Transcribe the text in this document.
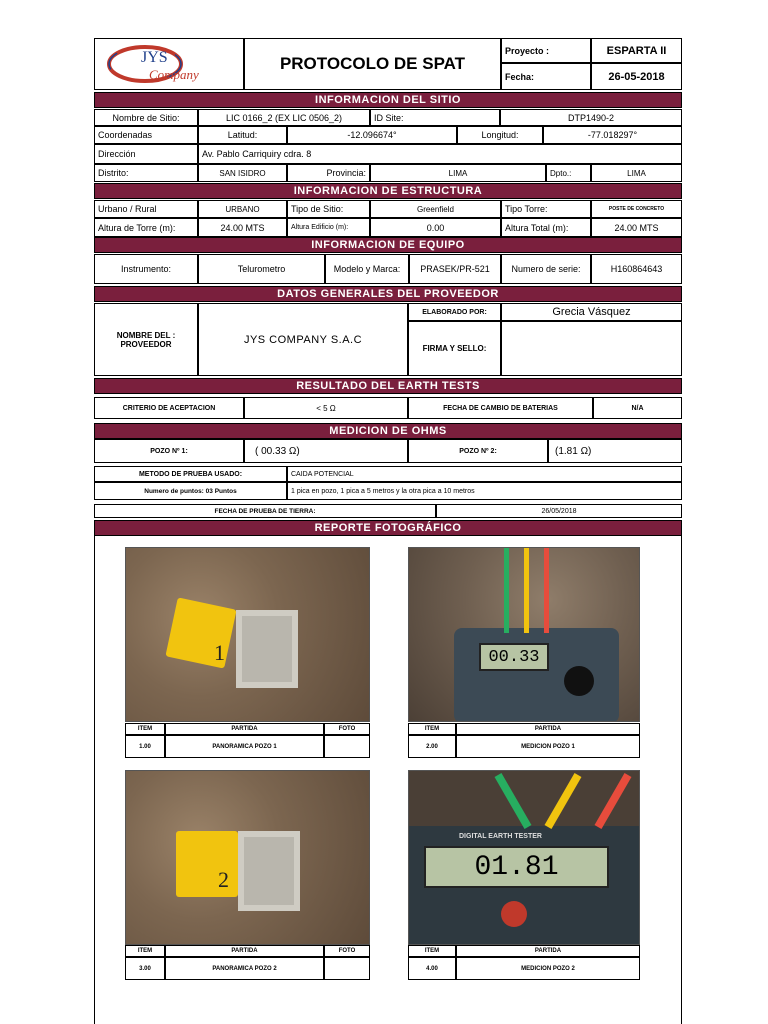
JYS
Company
PROTOCOLO DE SPAT
Proyecto :	ESPARTA II
Fecha:	26-05-2018
INFORMACION DEL SITIO
Nombre de Sitio:	LIC 0166_2 (EX LIC 0506_2)	ID Site:	DTP1490-2
Coordenadas	Latitud:	-12.096674°	Longitud:	-77.018297°
Dirección	Av. Pablo Carriquiry cdra. 8
Distrito:	SAN ISIDRO	Provincia:	LIMA	Dpto.:	LIMA
INFORMACION DE ESTRUCTURA
Urbano / Rural	URBANO	Tipo de Sitio:	Greenfield	Tipo Torre:	POSTE DE CONCRETO
Altura de Torre (m):	24.00 MTS	Altura Edificio (m):	0.00	Altura Total (m):	24.00 MTS
INFORMACION DE EQUIPO
Instrumento:	Telurometro	Modelo y Marca: PRASEK/PR-521 Numero de serie:	H160864643
DATOS GENERALES DEL PROVEEDOR
NOMBRE DEL : PROVEEDOR	JYS COMPANY S.A.C
ELABORADO POR:	Grecia Vásquez
FIRMA Y SELLO:
RESULTADO DEL EARTH TESTS
CRITERIO DE ACEPTACION	< 5 Ω	FECHA DE CAMBIO DE BATERIAS	N/A
MEDICION DE OHMS
POZO Nº 1:	( 00.33 Ω)	POZO Nº 2:	(1.81 Ω)
METODO DE PRUEBA USADO:	CAIDA POTENCIAL
Numero de puntos: 03 Puntos	1 pica en pozo, 1 pica a 5 metros y la otra pica a 10 metros
FECHA DE PRUEBA DE TIERRA:	26/05/2018
REPORTE FOTOGRÁFICO
1	00.33
ITEM	PARTIDA	FOTO
1.00	PANORAMICA POZO 1
ITEM	PARTIDA
2.00	MEDICION POZO 1
2
DIGITAL EARTH TESTER
01.81
ITEM	PARTIDA	FOTO
3.00	PANORAMICA POZO 2
ITEM	PARTIDA
4.00	MEDICION POZO 2
